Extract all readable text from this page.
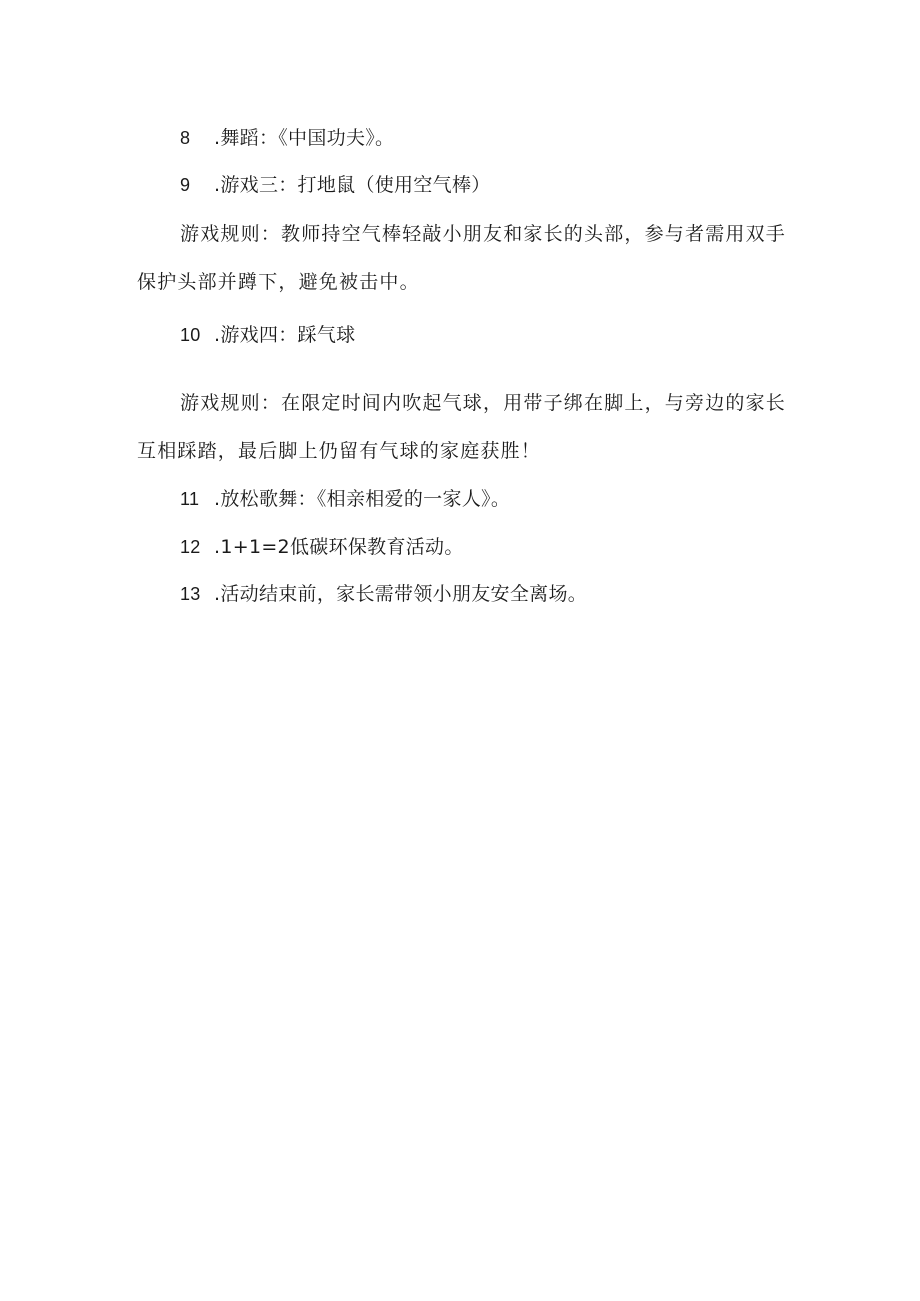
8 .舞蹈：《中国功夫》。
9 .游戏三：打地鼠（使用空气棒）
游戏规则：教师持空气棒轻敲小朋友和家长的头部，参与者需用双手
保护头部并蹲下，避免被击中。
10 .游戏四：踩气球
游戏规则：在限定时间内吹起气球，用带子绑在脚上，与旁边的家长
互相踩踏，最后脚上仍留有气球的家庭获胜！
11 .放松歌舞：《相亲相爱的一家人》。
12 .1+1=2低碳环保教育活动。
13 .活动结束前，家长需带领小朋友安全离场。
